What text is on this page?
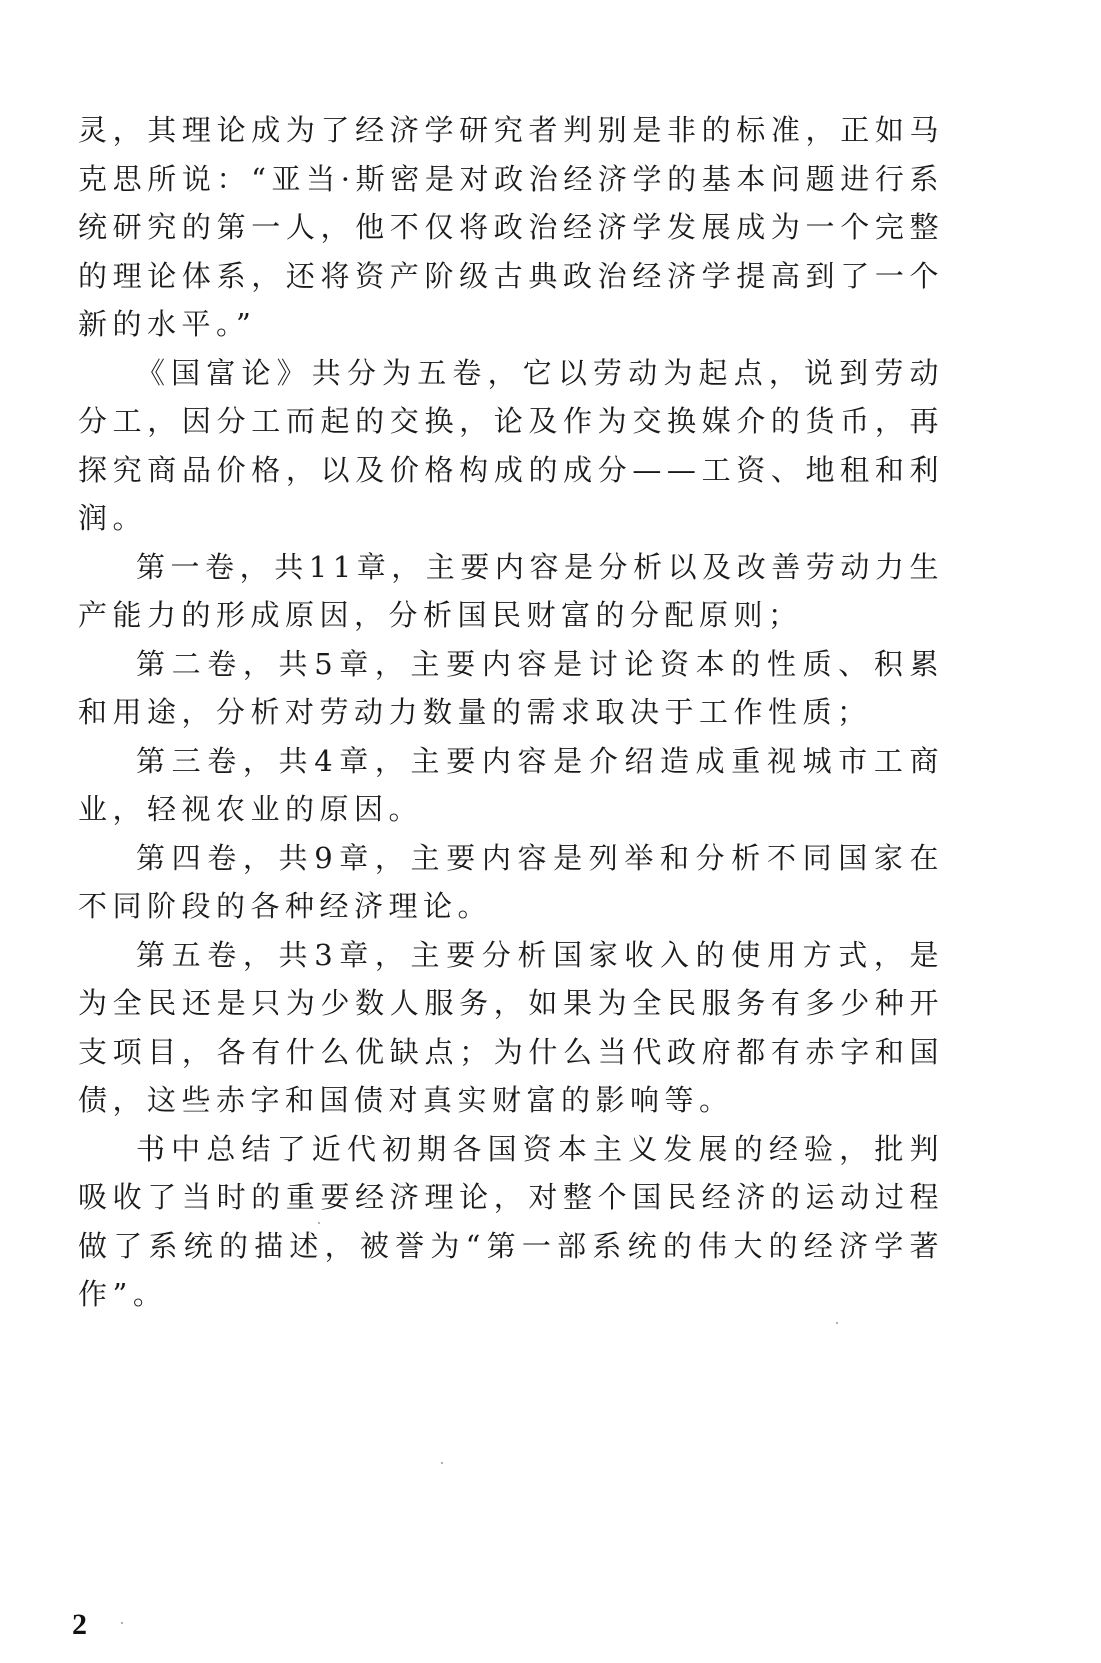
灵，其理论成为了经济学研究者判别是非的标准，正如马克思所说：“亚当·斯密是对政治经济学的基本问题进行系统研究的第一人，他不仅将政治经济学发展成为一个完整的理论体系，还将资产阶级古典政治经济学提高到了一个新的水平。”

《国富论》共分为五卷，它以劳动为起点，说到劳动分工，因分工而起的交换，论及作为交换媒介的货币，再探究商品价格，以及价格构成的成分——工资、地租和利润。

第一卷，共11章，主要内容是分析以及改善劳动力生产能力的形成原因，分析国民财富的分配原则；

第二卷，共5章，主要内容是讨论资本的性质、积累和用途，分析对劳动力数量的需求取决于工作性质；

第三卷，共4章，主要内容是介绍造成重视城市工商业，轻视农业的原因。

第四卷，共9章，主要内容是列举和分析不同国家在不同阶段的各种经济理论。

第五卷，共3章，主要分析国家收入的使用方式，是为全民还是只为少数人服务，如果为全民服务有多少种开支项目，各有什么优缺点；为什么当代政府都有赤字和国债，这些赤字和国债对真实财富的影响等。

书中总结了近代初期各国资本主义发展的经验，批判吸收了当时的重要经济理论，对整个国民经济的运动过程做了系统的描述，被誉为“第一部系统的伟大的经济学著作”。

2
